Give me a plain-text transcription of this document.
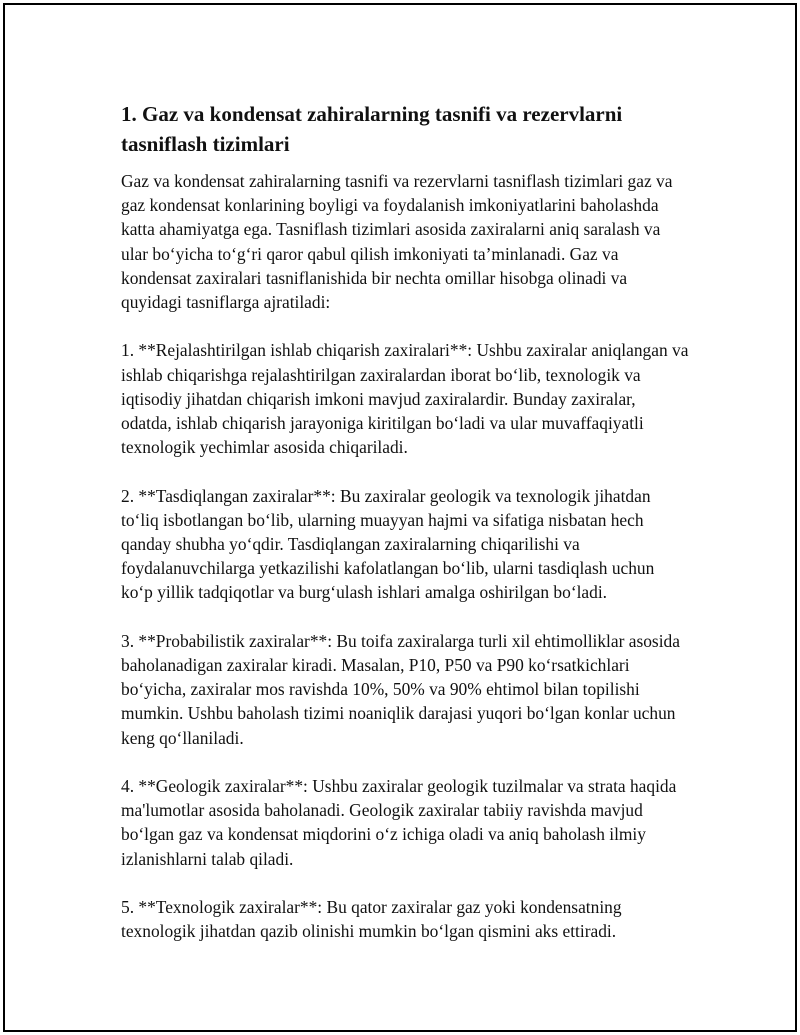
1. Gaz va kondensat zahiralarning tasnifi va rezervlarni tasniflash tizimlari

Gaz va kondensat zahiralarning tasnifi va rezervlarni tasniflash tizimlari gaz va gaz kondensat konlarining boyligi va foydalanish imkoniyatlarini baholashda katta ahamiyatga ega. Tasniflash tizimlari asosida zaxiralarni aniq saralash va ular bo‘yicha to‘g‘ri qaror qabul qilish imkoniyati ta’minlanadi. Gaz va kondensat zaxiralari tasniflanishida bir nechta omillar hisobga olinadi va quyidagi tasniflarga ajratiladi:

1. **Rejalashtirilgan ishlab chiqarish zaxiralari**: Ushbu zaxiralar aniqlangan va ishlab chiqarishga rejalashtirilgan zaxiralardan iborat bo‘lib, texnologik va iqtisodiy jihatdan chiqarish imkoni mavjud zaxiralardir. Bunday zaxiralar, odatda, ishlab chiqarish jarayoniga kiritilgan bo‘ladi va ular muvaffaqiyatli texnologik yechimlar asosida chiqariladi.

2. **Tasdiqlangan zaxiralar**: Bu zaxiralar geologik va texnologik jihatdan to‘liq isbotlangan bo‘lib, ularning muayyan hajmi va sifatiga nisbatan hech qanday shubha yo‘qdir. Tasdiqlangan zaxiralarning chiqarilishi va foydalanuvchilarga yetkazilishi kafolatlangan bo‘lib, ularni tasdiqlash uchun ko‘p yillik tadqiqotlar va burg‘ulash ishlari amalga oshirilgan bo‘ladi.

3. **Probabilistik zaxiralar**: Bu toifa zaxiralarga turli xil ehtimolliklar asosida baholanadigan zaxiralar kiradi. Masalan, P10, P50 va P90 ko‘rsatkichlari bo‘yicha, zaxiralar mos ravishda 10%, 50% va 90% ehtimol bilan topilishi mumkin. Ushbu baholash tizimi noaniqlik darajasi yuqori bo‘lgan konlar uchun keng qo‘llaniladi.

4. **Geologik zaxiralar**: Ushbu zaxiralar geologik tuzilmalar va strata haqida ma'lumotlar asosida baholanadi. Geologik zaxiralar tabiiy ravishda mavjud bo‘lgan gaz va kondensat miqdorini o‘z ichiga oladi va aniq baholash ilmiy izlanishlarni talab qiladi.

5. **Texnologik zaxiralar**: Bu qator zaxiralar gaz yoki kondensatning texnologik jihatdan qazib olinishi mumkin bo‘lgan qismini aks ettiradi.
